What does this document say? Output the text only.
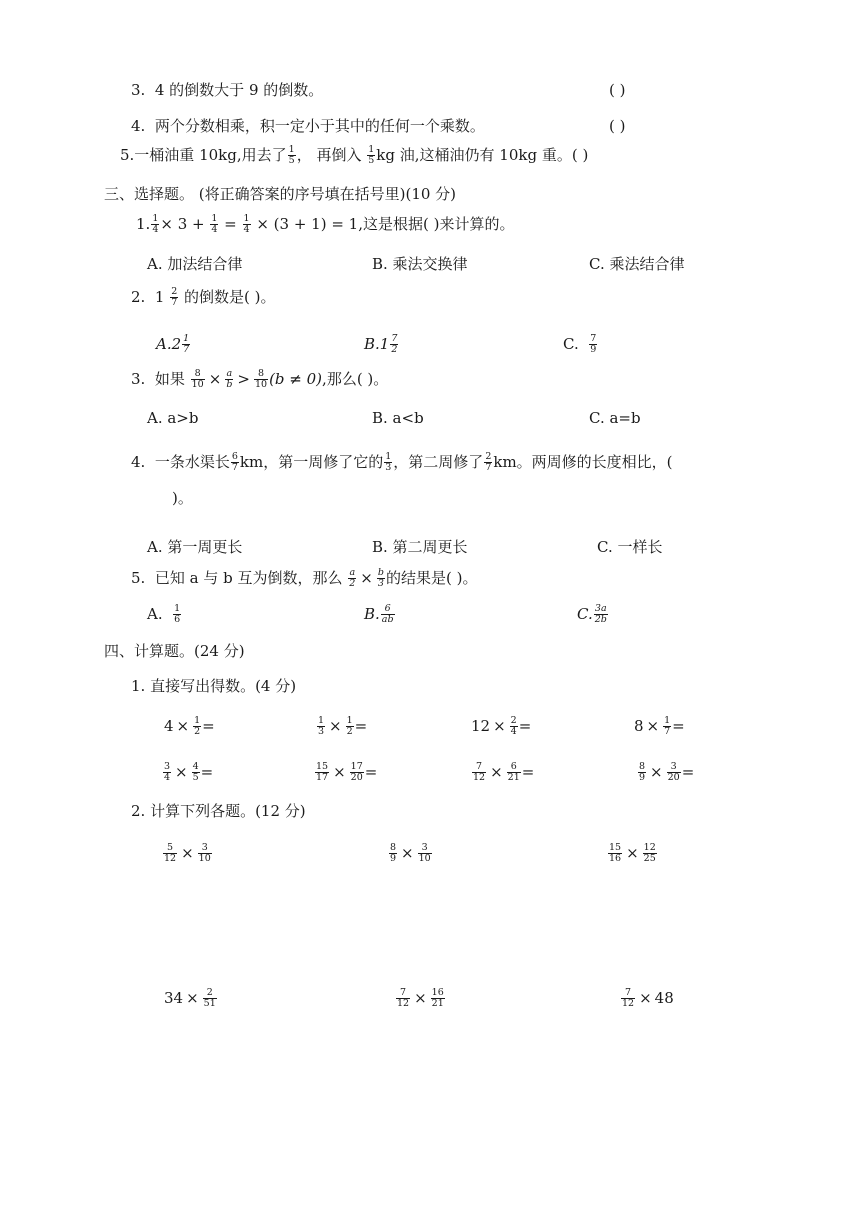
3. 4 的倒数大于 9 的倒数。	( )
4. 两个分数相乘，积一定小于其中的任何一个乘数。	( )
5.一桶油重 10kg,用去了 $\frac{1}{5}$ ， 再倒入 $\frac{1}{5}$ kg 油,这桶油仍有 10kg 重。( )
三、选择题。 (将正确答案的序号填在括号里)(10 分)
1. $\frac{1}{4} \times 3 + \frac{1}{4} = \frac{1}{4} \times (3 + 1) = 1$,这是根据( )来计算的。
A. 加法结合律	B. 乘法交换律	C. 乘法结合律
2. $1 \frac{2}{7}$ 的倒数是( )。
$A.2 \frac{1}{7}$	$B.1 \frac{7}{2}$	C. $\frac{7}{9}$
3. 如果 $\frac{8}{10} \times \frac{a}{b} > \frac{8}{10} (b \ne 0)$,那么( )。
A. a>b	B. a<b	C. a=b
4. 一条水渠长 $\frac{6}{7}$ km，第一周修了它的 $\frac{1}{3}$ ，第二周修了 $\frac{2}{7}$ km。两周修的长度相比，(
)。
A. 第一周更长	B. 第二周更长	C. 一样长
5. 已知 a 与 b 互为倒数，那么 $\frac{a}{2} \times \frac{b}{3}$ 的结果是( )。
A. $\frac{1}{6}$	B. $\frac{6}{ab}$	C. $\frac{3a}{2b}$
四、计算题。(24 分)
1. 直接写出得数。(4 分)
$4 \times \frac{1}{2}$ =	$\frac{1}{3} \times \frac{1}{2}$ =	$12 \times \frac{2}{4}$ =	$8 \times \frac{1}{7}$ =
$\frac{3}{4} \times \frac{4}{5}$ =	$\frac{15}{17} \times \frac{17}{20}$ =	$\frac{7}{12} \times \frac{6}{21}$ =	$\frac{8}{9} \times \frac{3}{20}$ =
2. 计算下列各题。(12 分)
$\frac{5}{12} \times \frac{3}{10}$	$\frac{8}{9} \times \frac{3}{10}$	$\frac{15}{16} \times \frac{12}{25}$
$34 \times \frac{2}{51}$	$\frac{7}{12} \times \frac{16}{21}$	$\frac{7}{12} \times 48$
